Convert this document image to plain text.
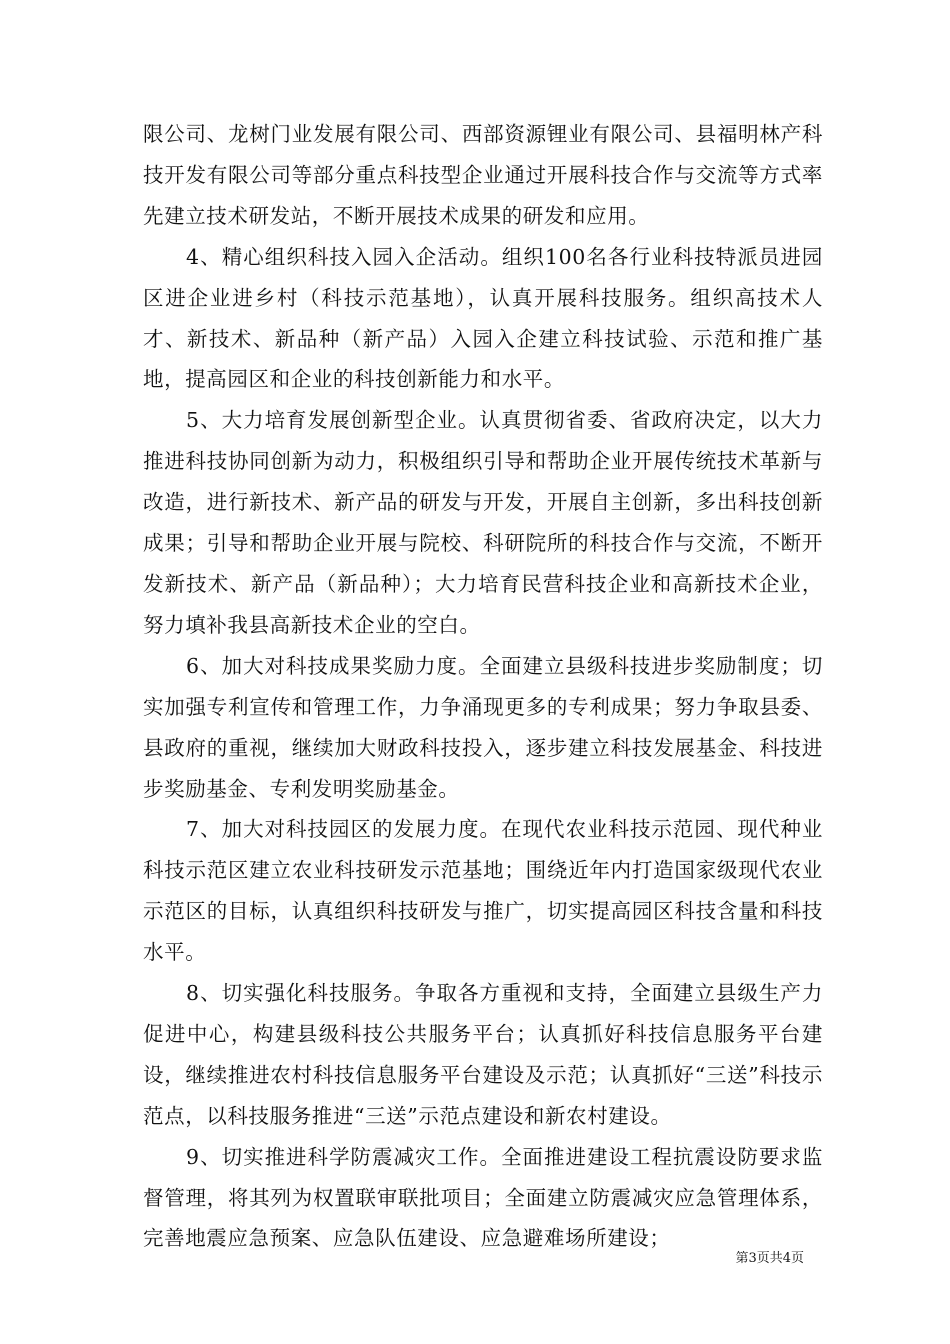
限公司、龙树门业发展有限公司、西部资源锂业有限公司、县福明林产科技开发有限公司等部分重点科技型企业通过开展科技合作与交流等方式率先建立技术研发站，不断开展技术成果的研发和应用。

4、精心组织科技入园入企活动。组织100名各行业科技特派员进园区进企业进乡村（科技示范基地），认真开展科技服务。组织高技术人才、新技术、新品种（新产品）入园入企建立科技试验、示范和推广基地，提高园区和企业的科技创新能力和水平。

5、大力培育发展创新型企业。认真贯彻省委、省政府决定，以大力推进科技协同创新为动力，积极组织引导和帮助企业开展传统技术革新与改造，进行新技术、新产品的研发与开发，开展自主创新，多出科技创新成果；引导和帮助企业开展与院校、科研院所的科技合作与交流，不断开发新技术、新产品（新品种）；大力培育民营科技企业和高新技术企业，努力填补我县高新技术企业的空白。

6、加大对科技成果奖励力度。全面建立县级科技进步奖励制度；切实加强专利宣传和管理工作，力争涌现更多的专利成果；努力争取县委、县政府的重视，继续加大财政科技投入，逐步建立科技发展基金、科技进步奖励基金、专利发明奖励基金。

7、加大对科技园区的发展力度。在现代农业科技示范园、现代种业科技示范区建立农业科技研发示范基地；围绕近年内打造国家级现代农业示范区的目标，认真组织科技研发与推广，切实提高园区科技含量和科技水平。

8、切实强化科技服务。争取各方重视和支持，全面建立县级生产力促进中心，构建县级科技公共服务平台；认真抓好科技信息服务平台建设，继续推进农村科技信息服务平台建设及示范；认真抓好“三送”科技示范点，以科技服务推进“三送”示范点建设和新农村建设。

9、切实推进科学防震减灾工作。全面推进建设工程抗震设防要求监督管理，将其列为权置联审联批项目；全面建立防震减灾应急管理体系，完善地震应急预案、应急队伍建设、应急避难场所建设；

第3页共4页
